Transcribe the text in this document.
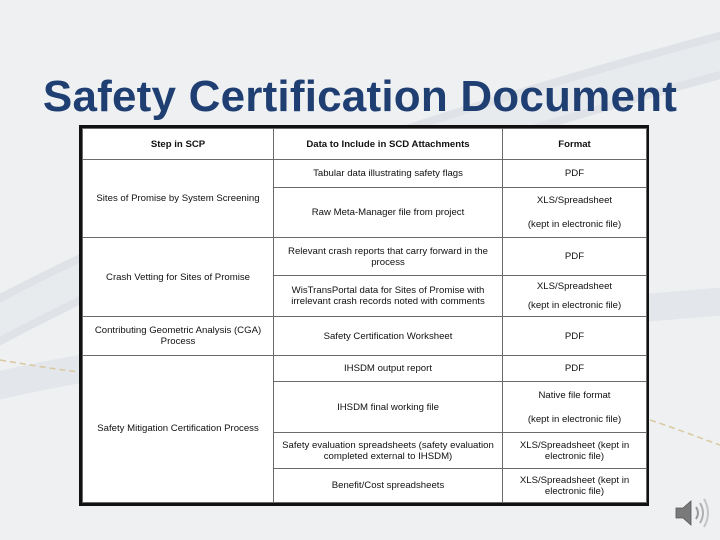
Safety Certification Document
Step in SCP	Data to Include in SCD Attachments	Format
Sites of Promise by System Screening	Tabular data illustrating safety flags	PDF
	Raw Meta-Manager file from project	XLS/Spreadsheet
(kept in electronic file)

Crash Vetting for Sites of Promise	Relevant crash reports that carry forward in the process	PDF
	WisTransPortal data for Sites of Promise with irrelevant crash records noted with comments	XLS/Spreadsheet
(kept in electronic file)

Contributing Geometric Analysis (CGA) Process	Safety Certification Worksheet	PDF
Safety Mitigation Certification Process	IHSDM output report	PDF
	IHSDM final working file	Native file format
(kept in electronic file)

	Safety evaluation spreadsheets (safety evaluation completed external to IHSDM)	XLS/Spreadsheet (kept in electronic file)
	Benefit/Cost spreadsheets	XLS/Spreadsheet (kept in electronic file)
